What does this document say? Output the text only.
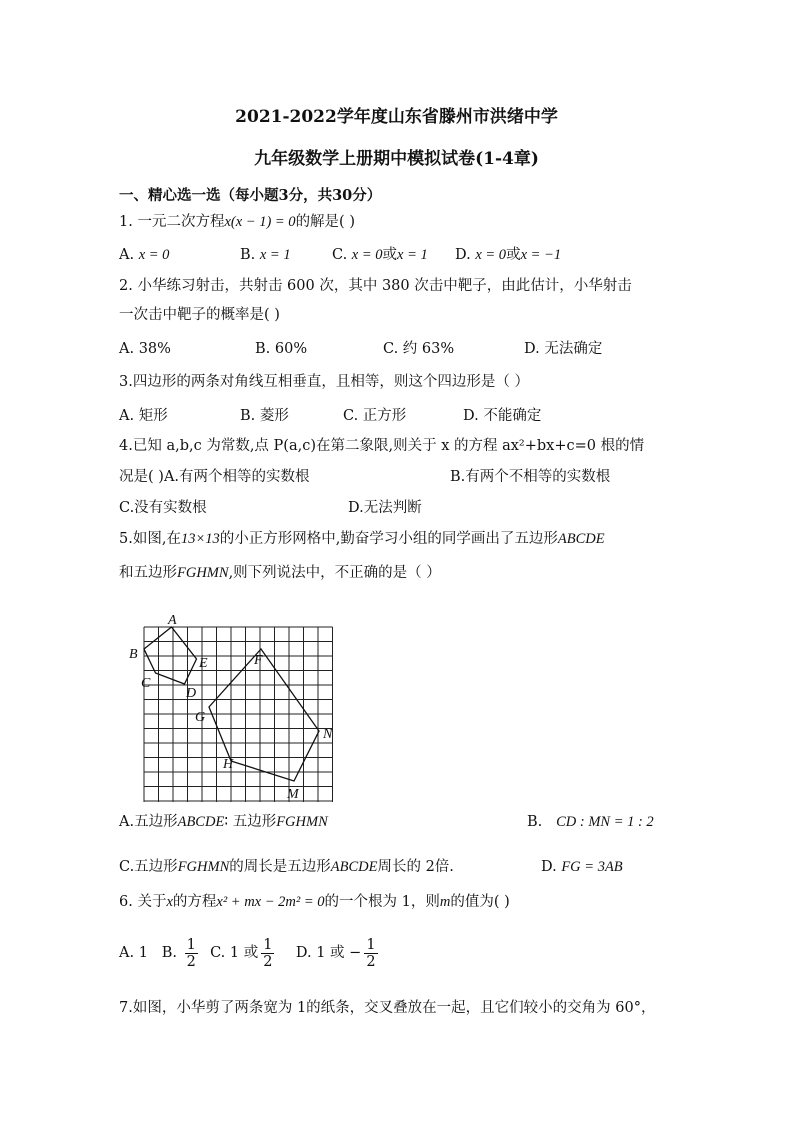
2021-2022学年度山东省滕州市洪绪中学
九年级数学上册期中模拟试卷(1-4章)
一、精心选一选（每小题3分，共30分）
1. 一元二次方程x(x − 1) = 0的解是( )
A. x = 0	B. x = 1	C. x = 0或x = 1 D. x = 0或x = −1
2. 小华练习射击，共射击 600 次，其中 380 次击中靶子，由此估计，小华射击
一次击中靶子的概率是( )
A. 38%	B. 60%	C. 约 63%	D. 无法确定
3.四边形的两条对角线互相垂直，且相等，则这个四边形是（ ）
A. 矩形	B. 菱形	C. 正方形	D. 不能确定
4.已知 a,b,c 为常数,点 P(a,c)在第二象限,则关于 x 的方程 ax²+bx+c=0 根的情
况是( )A.有两个相等的实数根	B.有两个不相等的实数根
C.没有实数根	D.无法判断
5.如图,在13×13的小正方形网格中,勤奋学习小组的同学画出了五边形ABCDE
和五边形FGHMN,则下列说法中，不正确的是（ ）
A
B
C
D
E	F
G
H
M
N
A.五边形ABCDE∶ 五边形FGHMN	B. CD : MN = 1 : 2
C.五边形FGHMN的周长是五边形ABCDE周长的 2倍.	D. FG = 3AB
6. 关于x的方程x² + mx − 2m² = 0的一个根为 1，则m的值为( )
A. 1 B. $\frac{1}{2} C$. 1 或 $\frac{1}{2} D$. 1 或 − $\frac{1}{2}$
7.如图，小华剪了两条宽为 1的纸条，交叉叠放在一起，且它们较小的交角为 60°，
